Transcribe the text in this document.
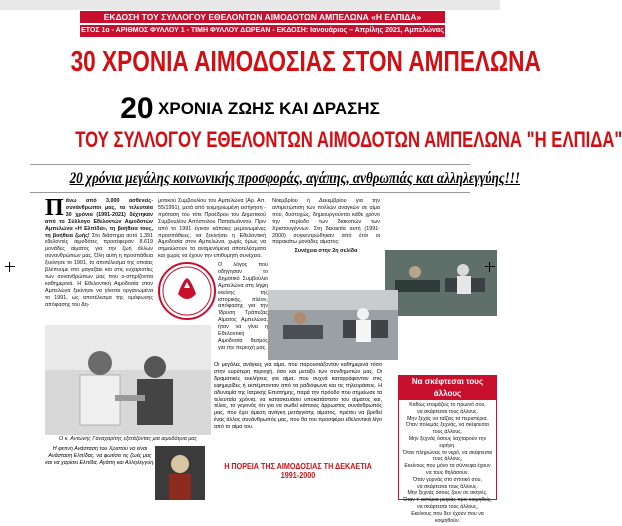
ΕΚΔΟΣΗ ΤΟΥ ΣΥΛΛΟΓΟΥ ΕΘΕΛΟΝΤΩΝ ΑΙΜΟΔΟΤΩΝ ΑΜΠΕΛΩΝΑ «Η ΕΛΠΙΔΑ»
ΕΤΟΣ 1ο - ΑΡΙΘΜΟΣ ΦΥΛΛΟΥ 1 - ΤΙΜΗ ΦΥΛΛΟΥ ΔΩΡΕΑΝ - ΕΚΔΟΣΗ: Ιανουάριος – Απρίλης 2021, Αμπελώνας
30 ΧΡΟΝΙΑ ΑΙΜΟΔΟΣΙΑΣ ΣΤΟΝ ΑΜΠΕΛΩΝΑ
20 ΧΡΟΝΙΑ ΖΩΗΣ ΚΑΙ ΔΡΑΣΗΣ
ΤΟΥ ΣΥΛΛΟΓΟΥ ΕΘΕΛΟΝΤΩΝ ΑΙΜΟΔΟΤΩΝ ΑΜΠΕΛΩΝΑ "Η ΕΛΠΙΔΑ"
20 χρόνια μεγάλης κοινωνικής προσφοράς, αγάπης, ανθρωπιάς και αλληλεγγύης!!!
Π άνω από 3.000 ασθενείς-συνάνθρωποι μας, τα τελευταία 30 χρόνια (1991-2021) δέχτηκαν από το Σύλλογο Εθελοντών Αιμοδοτών Αμπελώνα «Η Ελπίδα», τη βοήθεια τους, τη βοήθεια ζωής! Στο διάστημα αυτό 1.391 εθελοντές αιμοδότες προσέφεραν 8.619 μονάδες αίματος για την ζωή άλλων συνανθρώπων μας. Όλη αυτή η προσπάθεια ξεκίνησε το 1991, το αποτέλεσμα της οποίας βλέπουμε στο μαγαζάκι και στις ευχαριστίες των συνανθρώπων μας που ο-στηρίζονται καθημερινά. Η Εθελοντική Αιμοδοσία στον Αμπελώνα ξεκίνησε να γίνεται οργανωμένα το 1991, ως αποτέλεσμα της ομόφωνης απόφασης του Δη-
μοτικού Συμβουλίου του Αμπελώνα (Αρ. Απ. 55/1991), μετά από τεκμηριωμένη εισήγηση - πρόταση του τότε Προέδρου του Δημοτικού Συμβουλίου Απόστολου Παπαϊωάννου. Πριν από το 1991 έγιναν κάποιες μεμονωμένες προσπάθειες, να ξεκινήσει η Εθελοντική Αιμοδοσία στον Αμπελώνα, χωρίς όμως να σημειώσουν τα αναμενόμενα αποτελέσματα και χωρίς να έχουν την επιθυμητή συνέχεια.
Ο λόγος που οδήγησαν το Δημοτικό Συμβούλιο Αμπελώνα στη λήψη εκείνης της ιστορικής, πλέον, απόφασης για την Ίδρυση Τράπεζας Αίματος Αμπελώνα, ήταν να γίνει η Εθελοντική Αιμοδοσία θεσμός για την περιοχή μας.
Νοεμβρίου ή Δεκεμβρίου για την αντιμετώπιση των πολλών αναγκών σε αίμα που, δυστυχώς, δημιουργούνται κάθε χρόνο την περίοδο των διακοπών των Χριστουγέννων. Στη δεκαετία αυτή (1991-2000) συγκεντρώθηκαν από έτσι οι παρακάτω μονάδες αίματος:
Συνέχεια στην 2η σελίδα
Ο κ. Αντώνης Γαναχαρίτης εξετάζοντας μια αιμοδότρια μας
Οι μεγάλες ανάγκες για αίμα, που παρουσιάζονταν καθημερινά τόσο στην ευρύτερη περιοχή, όσο και μεταξύ των συνδημοτών μας. Οι δραματικές εκκλήσεις για αίμα, που συχνά καταγράφονταν στις εφημερίδες ή εκπέμπονταν από τα ραδιόφωνα και τις τηλεοράσεις. Η αδυναμία της Ιατρικής Επιστήμης, παρά την πρόοδο που σημείωσε τα τελευταία χρόνια, να κατασκευάσει υποκατάστατο του αίματος και, τέλος, το γεγονός ότι για να σωθεί κάποιος άρρωστος συνάνθρωπός μας, που έχει άμεση ανάγκη μετάγγισης αίματος, πρέπει να βρεθεί ένας άλλος συνάνθρωπός μας, που θα του προσφέρει εθελοντικά λίγο από το αίμα του.
Η ΠΟΡΕΙΑ ΤΗΣ ΑΙΜΟΔΟΣΙΑΣ ΤΗ ΔΕΚΑΕΤΙΑ 1991-2000
Η φετινή Ανάσταση του Χριστού να είναι Ανάσταση Ελπίδας, να φωτίσει τις ζωές μας και να χαρίσει Ελπίδα, Αγάπη και Αλληλεγγύη.
Να σκέφτεσαι τους άλλους
Καθώς ετοιμάζεις το πρωινό σου,
να σκέφτεσαι τους άλλους.
Μην ξεχάς να ταΐζεις τα περιστέρια.
Όταν πολεμάς ξεχνάς, να σκέφτεσαι τους άλλους.
Μην ξεχνάς όσους λαχταρούν την ειρήνη.
Όταν πληρώνεις το νερό, να σκέφτεσαι τους άλλους,
Εκείνους που μόνο τα σύννεφα έχουν να τους θηλάσουν.
Όταν γυρνάς στο σπιτικό σου,
να σκέφτεσαι τους άλλους.
Μην ξεχνάς όσους ζουν σε σκηνές.
Όταν τ' αστέρια μετράς πριν κοιμηθείς,
να σκέφτεσαι τους άλλους,
Εκείνους που δεν έχουν που να κοιμηθούν.
